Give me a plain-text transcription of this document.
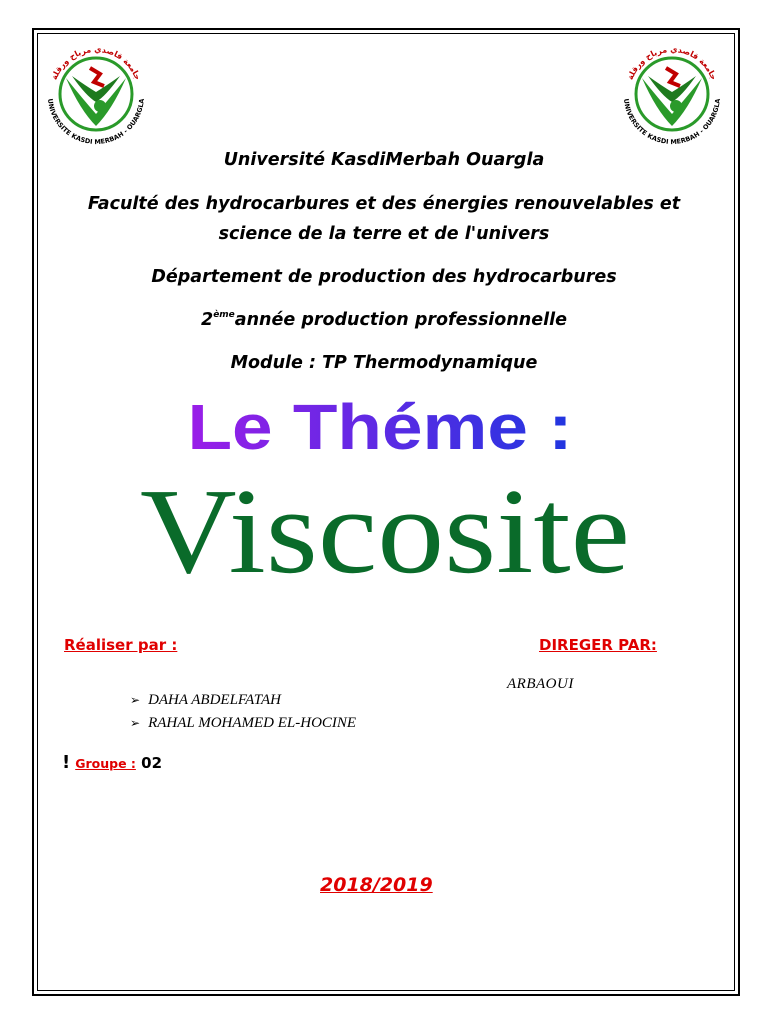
جامعة قاصدي مرباح ورقلة
UNIVERSITE KASDI MERBAH - OUARGLA
جامعة قاصدي مرباح ورقلة
UNIVERSITE KASDI MERBAH - OUARGLA
Université KasdiMerbah Ouargla
Faculté des hydrocarbures et des énergies renouvelables et
science de la terre et de l'univers
Département de production des hydrocarbures
2èmeannée production professionnelle
Module : TP Thermodynamique
Le Théme :
Viscosite
Réaliser par :	DIREGER PAR:
ARBAOUI
➢ DAHA ABDELFATAH
➢ RAHAL MOHAMED EL-HOCINE
! Groupe : 02
2018/2019
